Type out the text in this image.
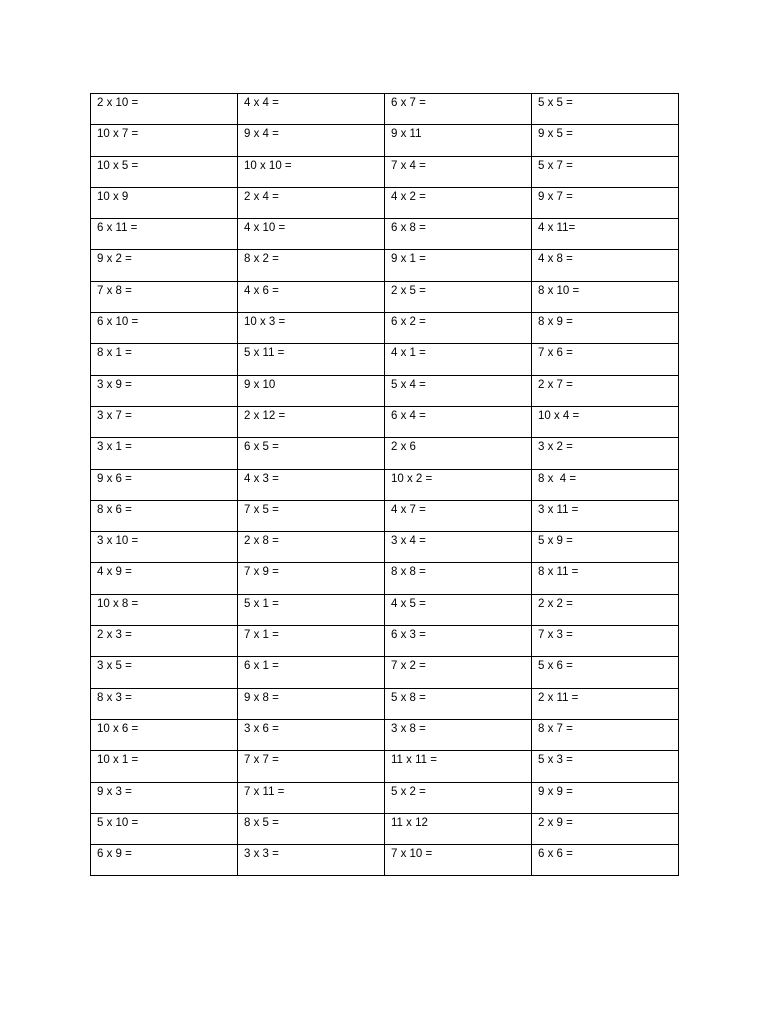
2 x 10 =	4 x 4 =	6 x 7 =	5 x 5 =
10 x 7 =	9 x 4 =	9 x 11	9 x 5 =
10 x 5 =	10 x 10 =	7 x 4 =	5 x 7 =
10 x 9	2 x 4 =	4 x 2 =	9 x 7 =
6 x 11 =	4 x 10 =	6 x 8 =	4 x 11=
9 x 2 =	8 x 2 =	9 x 1 =	4 x 8 =
7 x 8 =	4 x 6 =	2 x 5 =	8 x 10 =
6 x 10 =	10 x 3 =	6 x 2 =	8 x 9 =
8 x 1 =	5 x 11 =	4 x 1 =	7 x 6 =
3 x 9 =	9 x 10	5 x 4 =	2 x 7 =
3 x 7 =	2 x 12 =	6 x 4 =	10 x 4 =
3 x 1 =	6 x 5 =	2 x 6	3 x 2 =
9 x 6 =	4 x 3 =	10 x 2 =	8 x  4 =
8 x 6 =	7 x 5 =	4 x 7 =	3 x 11 =
3 x 10 =	2 x 8 =	3 x 4 =	5 x 9 =
4 x 9 =	7 x 9 =	8 x 8 =	8 x 11 =
10 x 8 =	5 x 1 =	4 x 5 =	2 x 2 =
2 x 3 =	7 x 1 =	6 x 3 =	7 x 3 =
3 x 5 =	6 x 1 =	7 x 2 =	5 x 6 =
8 x 3 =	9 x 8 =	5 x 8 =	2 x 11 =
10 x 6 =	3 x 6 =	3 x 8 =	8 x 7 =
10 x 1 =	7 x 7 =	11 x 11 =	5 x 3 =
9 x 3 =	7 x 11 =	5 x 2 =	9 x 9 =
5 x 10 =	8 x 5 =	11 x 12	2 x 9 =
6 x 9 =	3 x 3 =	7 x 10 =	6 x 6 =
